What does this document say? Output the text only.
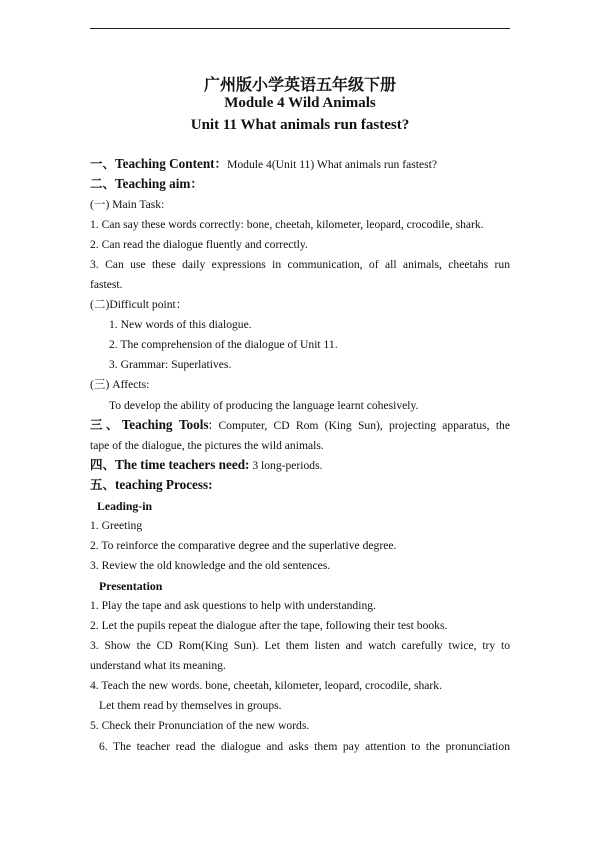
广州版小学英语五年级下册
Module 4 Wild Animals
Unit 11 What animals run fastest?
一、Teaching Content：Module 4(Unit 11) What animals run fastest?
二、Teaching aim：
(一) Main Task:
1. Can say these words correctly: bone, cheetah, kilometer, leopard, crocodile, shark.
2. Can read the dialogue fluently and correctly.
3. Can use these daily expressions in communication, of all animals, cheetahs run
fastest.
(二)Difficult point：
1. New words of this dialogue.
2. The comprehension of the dialogue of Unit 11.
3. Grammar: Superlatives.
(三) Affects:
To develop the ability of producing the language learnt cohesively.
三、Teaching Tools: Computer, CD Rom (King Sun), projecting apparatus, the
tape of the dialogue, the pictures the wild animals.
四、The time teachers need: 3 long-periods.
五、teaching Process:
Leading-in
1. Greeting
2. To reinforce the comparative degree and the superlative degree.
3. Review the old knowledge and the old sentences.
Presentation
1. Play the tape and ask questions to help with understanding.
2. Let the pupils repeat the dialogue after the tape, following their test books.
3. Show the CD Rom(King Sun). Let them listen and watch carefully twice, try to
understand what its meaning.
4. Teach the new words. bone, cheetah, kilometer, leopard, crocodile, shark.
Let them read by themselves in groups.
5. Check their Pronunciation of the new words.
6. The teacher read the dialogue and asks them pay attention to the pronunciation
